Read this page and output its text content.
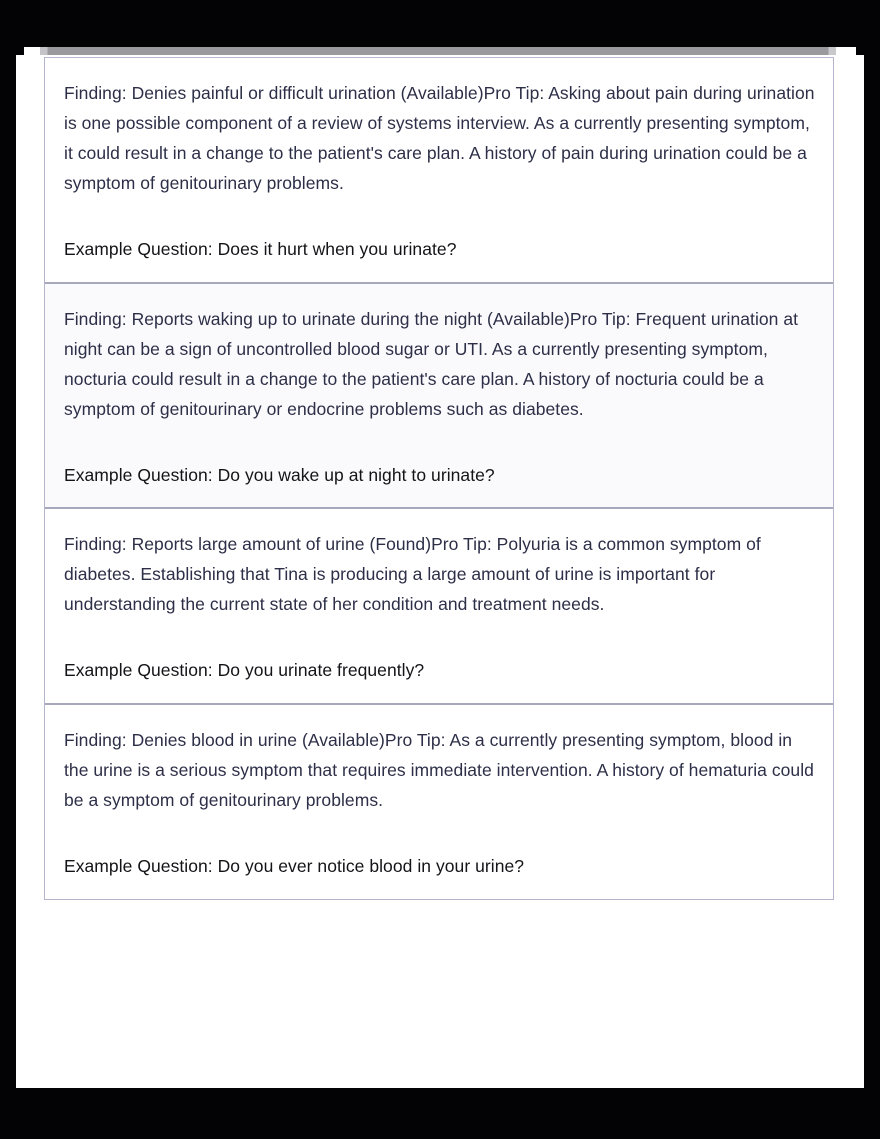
Finding: Denies painful or difficult urination (Available)Pro Tip: Asking about pain during urination is one possible component of a review of systems interview. As a currently presenting symptom, it could result in a change to the patient's care plan. A history of pain during urination could be a symptom of genitourinary problems.

Example Question: Does it hurt when you urinate?

Finding: Reports waking up to urinate during the night (Available)Pro Tip: Frequent urination at night can be a sign of uncontrolled blood sugar or UTI. As a currently presenting symptom, nocturia could result in a change to the patient's care plan. A history of nocturia could be a symptom of genitourinary or endocrine problems such as diabetes.

Example Question: Do you wake up at night to urinate?

Finding: Reports large amount of urine (Found)Pro Tip: Polyuria is a common symptom of diabetes. Establishing that Tina is producing a large amount of urine is important for understanding the current state of her condition and treatment needs.

Example Question: Do you urinate frequently?

Finding: Denies blood in urine (Available)Pro Tip: As a currently presenting symptom, blood in the urine is a serious symptom that requires immediate intervention. A history of hematuria could be a symptom of genitourinary problems.

Example Question: Do you ever notice blood in your urine?
